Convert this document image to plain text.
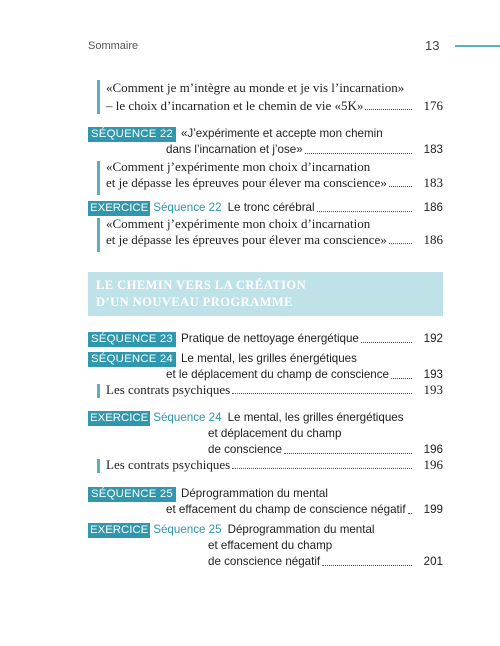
Sommaire	13
«Comment je m’intègre au monde et je vis l’incarnation»
– le choix d’incarnation et le chemin de vie «5K»	176
SÉQUENCE 22 «J’expérimente et accepte mon chemin
dans l’incarnation et j’ose»	183
«Comment j’expérimente mon choix d’incarnation
et je dépasse les épreuves pour élever ma conscience»	183
EXERCICE Séquence 22 Le tronc cérébral	186
«Comment j’expérimente mon choix d’incarnation
et je dépasse les épreuves pour élever ma conscience»	186
LE CHEMIN VERS LA CRÉATION
D’UN NOUVEAU PROGRAMME
SÉQUENCE 23 Pratique de nettoyage énergétique	192
SÉQUENCE 24 Le mental, les grilles énergétiques
et le déplacement du champ de conscience	193
Les contrats psychiques	193
EXERCICE Séquence 24 Le mental, les grilles énergétiques
et déplacement du champ
de conscience	196
Les contrats psychiques	196
SÉQUENCE 25 Déprogrammation du mental
et effacement du champ de conscience négatif	199
EXERCICE Séquence 25 Déprogrammation du mental
et effacement du champ
de conscience négatif	201
